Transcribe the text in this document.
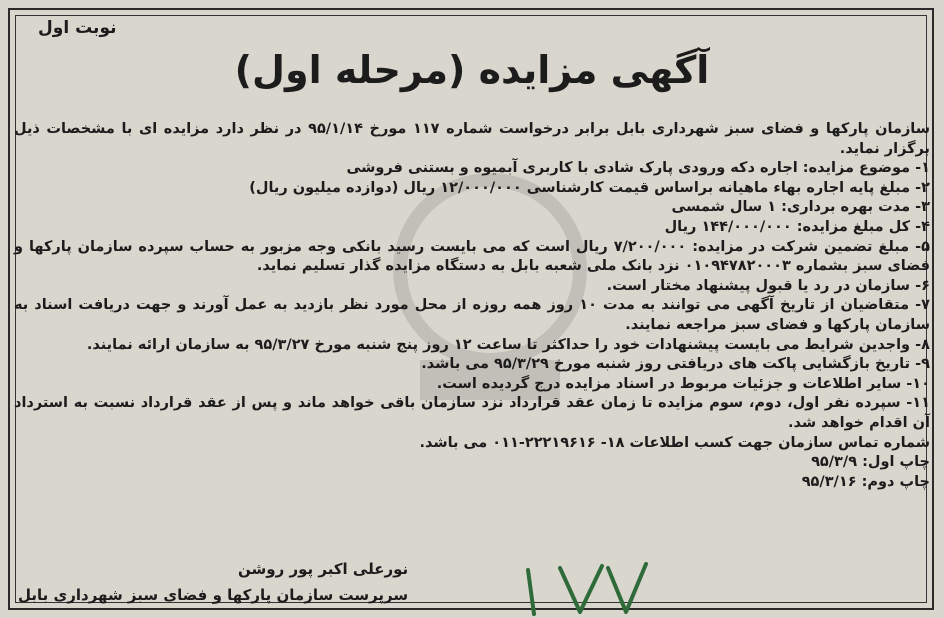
نوبت اول
آگهی مزایده (مرحله اول)

سازمان پارکها و فضای سبز شهرداری بابل برابر درخواست شماره ۱۱۷ مورخ ۹۵/۱/۱۴ در نظر دارد مزایده ای با مشخصات ذیل برگزار نماید.

۱- موضوع مزایده: اجاره دکه ورودی پارک شادی با کاربری آبمیوه و بستنی فروشی

۲- مبلغ پایه اجاره بهاء ماهیانه براساس قیمت کارشناسی ۱۲/۰۰۰/۰۰۰ ریال (دوازده میلیون ریال)

۳- مدت بهره برداری: ۱ سال شمسی

۴- کل مبلغ مزایده: ۱۴۴/۰۰۰/۰۰۰ ریال

۵- مبلغ تضمین شرکت در مزایده: ۷/۲۰۰/۰۰۰ ریال است که می بایست رسید بانکی وجه مزبور به حساب سپرده سازمان پارکها و فضای سبز بشماره ۰۱۰۹۴۷۸۲۰۰۰۳ نزد بانک ملی شعبه بابل به دستگاه مزایده گذار تسلیم نماید.

۶- سازمان در رد یا قبول پیشنهاد مختار است.

۷- متقاضیان از تاریخ آگهی می توانند به مدت ۱۰ روز همه روزه از محل مورد نظر بازدید به عمل آورند و جهت دریافت اسناد به سازمان پارکها و فضای سبز مراجعه نمایند.

۸- واجدین شرایط می بایست پیشنهادات خود را حداکثر تا ساعت ۱۲ روز پنج شنبه مورخ ۹۵/۳/۲۷ به سازمان ارائه نمایند.

۹- تاریخ بازگشایی پاکت های دریافتی روز شنبه مورخ ۹۵/۳/۲۹ می باشد.

۱۰- سایر اطلاعات و جزئیات مربوط در اسناد مزایده درج گردیده است.

۱۱- سپرده نفر اول، دوم، سوم مزایده تا زمان عقد قرارداد نزد سازمان باقی خواهد ماند و پس از عقد قرارداد نسبت به استرداد آن اقدام خواهد شد.

شماره تماس سازمان جهت کسب اطلاعات ۱۸- ۲۲۲۱۹۶۱۶-۰۱۱ می باشد.

چاپ اول: ۹۵/۳/۹

چاپ دوم: ۹۵/۳/۱۶

نورعلی اکبر پور روشن
سرپرست سازمان پارکها و فضای سبز شهرداری بابل
